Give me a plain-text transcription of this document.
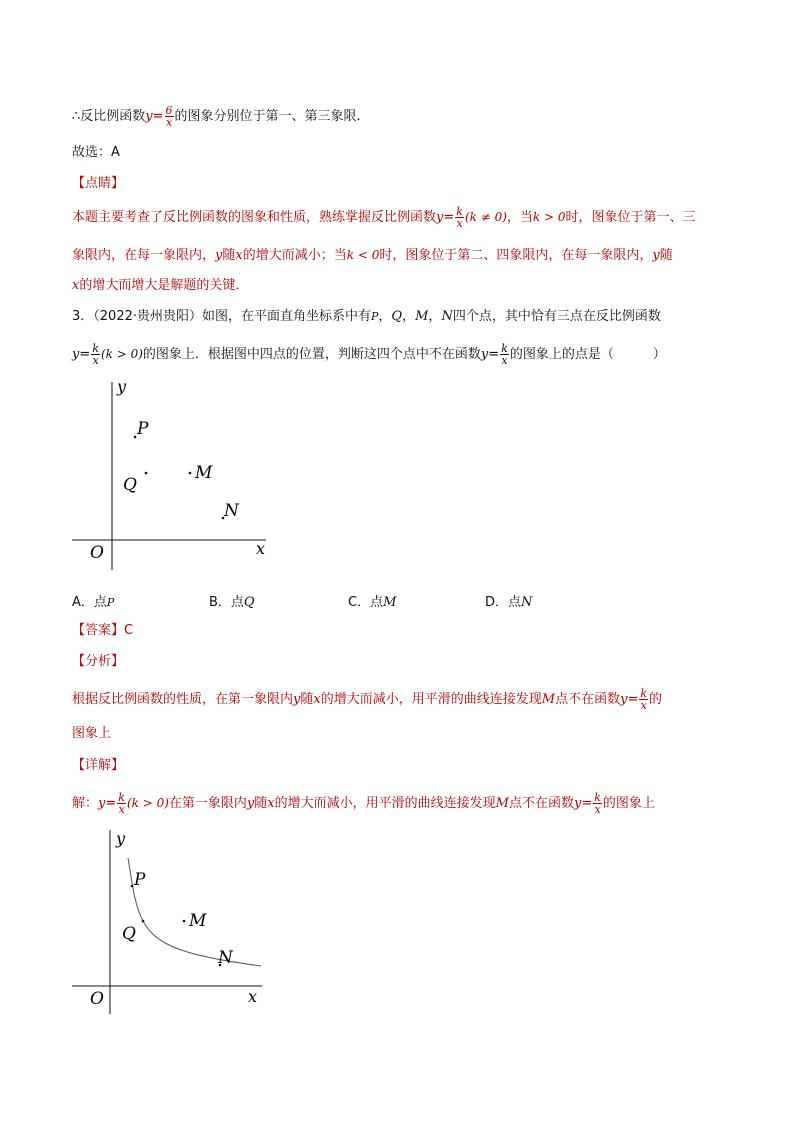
∴反比例函数$y= \frac{6}{x}$ 的图象分别位于第一、第三象限．
故选：A
【点睛】
本题主要考查了反比例函数的图象和性质，熟练掌握反比例函数$y= \frac{k}{x} (k \ne 0)$，当k > 0时，图象位于第一、三
象限内，在每一象限内，y随x的增大而减小；当k < 0时，图象位于第二、四象限内，在每一象限内，y随
x的增大而增大是解题的关键．
3．（2022·贵州贵阳）如图，在平面直角坐标系中有P，Q，M，N四个点，其中恰有三点在反比例函数
$y= \frac{k}{x} (k > 0)$的图象上．根据图中四点的位置，判断这四个点中不在函数$y= \frac{k}{x}$ 的图象上的点是（　　　）
y
x
O
P
Q
M
N
A．点P	B．点Q	C．点M	D．点N
【答案】C
【分析】
根据反比例函数的性质，在第一象限内y随x的增大而减小，用平滑的曲线连接发现M点不在函数$y= \frac{k}{x}$ 的
图象上
【详解】
解：$y= \frac{k}{x} (k > 0)$在第一象限内y随x的增大而减小，用平滑的曲线连接发现M点不在函数$y= \frac{k}{x}$ 的图象上
y
x
O
P
Q
M
N
